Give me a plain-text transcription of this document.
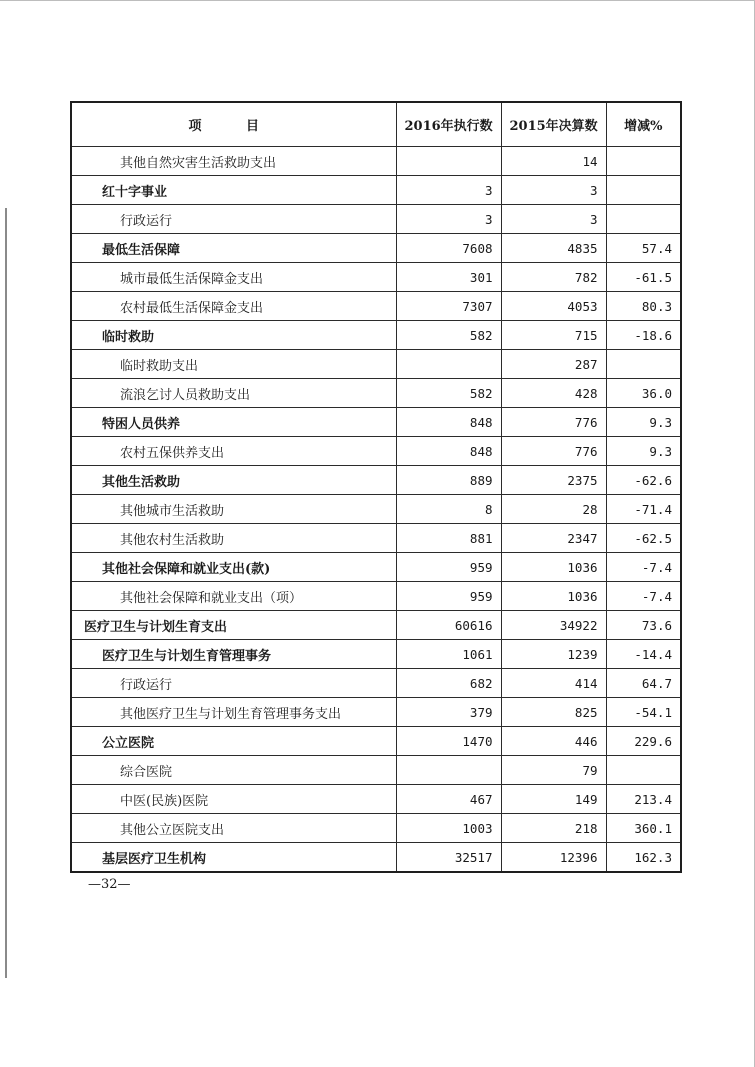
项 目	2016年执行数	2015年决算数	增减%
其他自然灾害生活救助支出		14	
红十字事业	3	3	
行政运行	3	3	
最低生活保障	7608	4835	57.4
城市最低生活保障金支出	301	782	-61.5
农村最低生活保障金支出	7307	4053	80.3
临时救助	582	715	-18.6
临时救助支出		287	
流浪乞讨人员救助支出	582	428	36.0
特困人员供养	848	776	9.3
农村五保供养支出	848	776	9.3
其他生活救助	889	2375	-62.6
其他城市生活救助	8	28	-71.4
其他农村生活救助	881	2347	-62.5
其他社会保障和就业支出(款)	959	1036	-7.4
其他社会保障和就业支出（项）	959	1036	-7.4
医疗卫生与计划生育支出	60616	34922	73.6
医疗卫生与计划生育管理事务	1061	1239	-14.4
行政运行	682	414	64.7
其他医疗卫生与计划生育管理事务支出	379	825	-54.1
公立医院	1470	446	229.6
综合医院		79	
中医(民族)医院	467	149	213.4
其他公立医院支出	1003	218	360.1
基层医疗卫生机构	32517	12396	162.3
—32—
